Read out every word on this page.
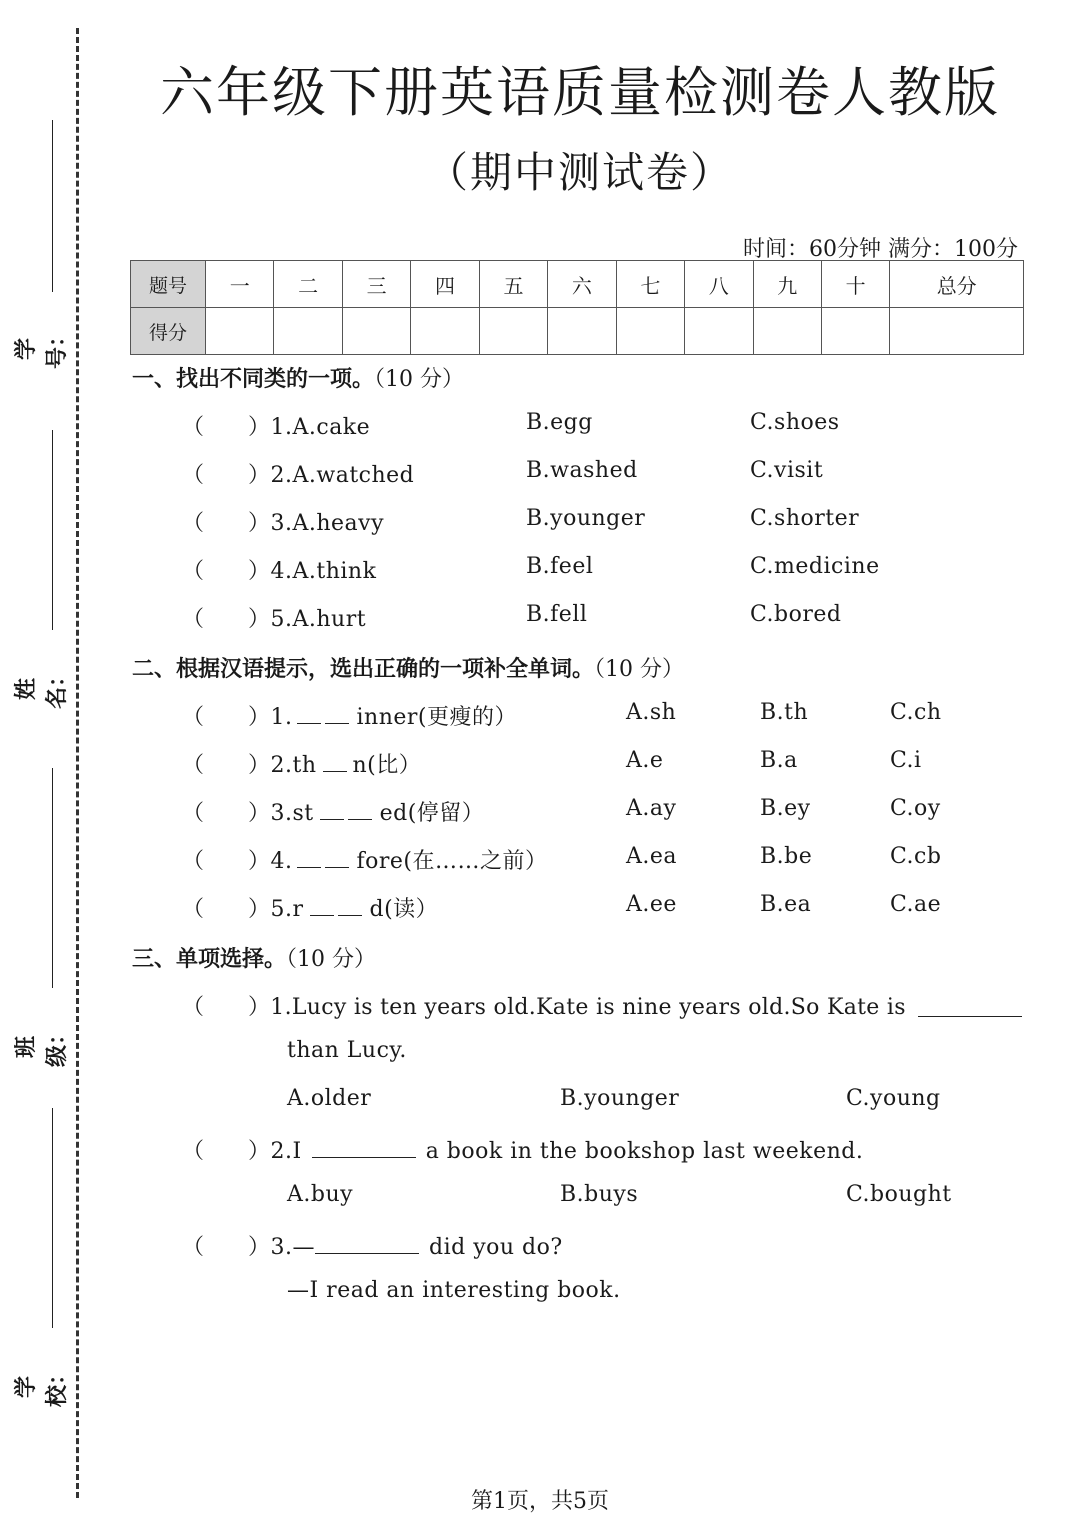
学号：
姓名：
班级：
学校：
六年级下册英语质量检测卷人教版
（期中测试卷）
时间：60分钟 满分：100分
题号	一	二	三	四	五	六	七	八	九	十	总分
得分											
一、找出不同类的一项。（10 分）
（ ）1.A.cake	B.egg	C.shoes
（ ）2.A.watched	B.washed	C.visit
（ ）3.A.heavy	B.younger	C.shorter
（ ）4.A.think	B.feel	C.medicine
（ ）5.A.hurt	B.fell	C.bored
二、根据汉语提示，选出正确的一项补全单词。（10 分）
（ ）1.	inner(更瘦的）	A.sh	B.th	C.ch
（ ）2.th n(比）	A.e	B.a	C.i
（ ）3.st	ed(停留）	A.ay	B.ey	C.oy
（ ）4.	fore(在……之前）	A.ea	B.be	C.cb
（ ）5.r	d(读）	A.ee	B.ea	C.ae
三、单项选择。（10 分）
（ ）1.Lucy is ten years old.Kate is nine years old.So Kate is
than Lucy.
A.older	B.younger	C.young
（ ）2.I	a book in the bookshop last weekend.
A.buy	B.buys	C.bought
（ ）3.—	did you do?
—I read an interesting book.
第1页，共5页
